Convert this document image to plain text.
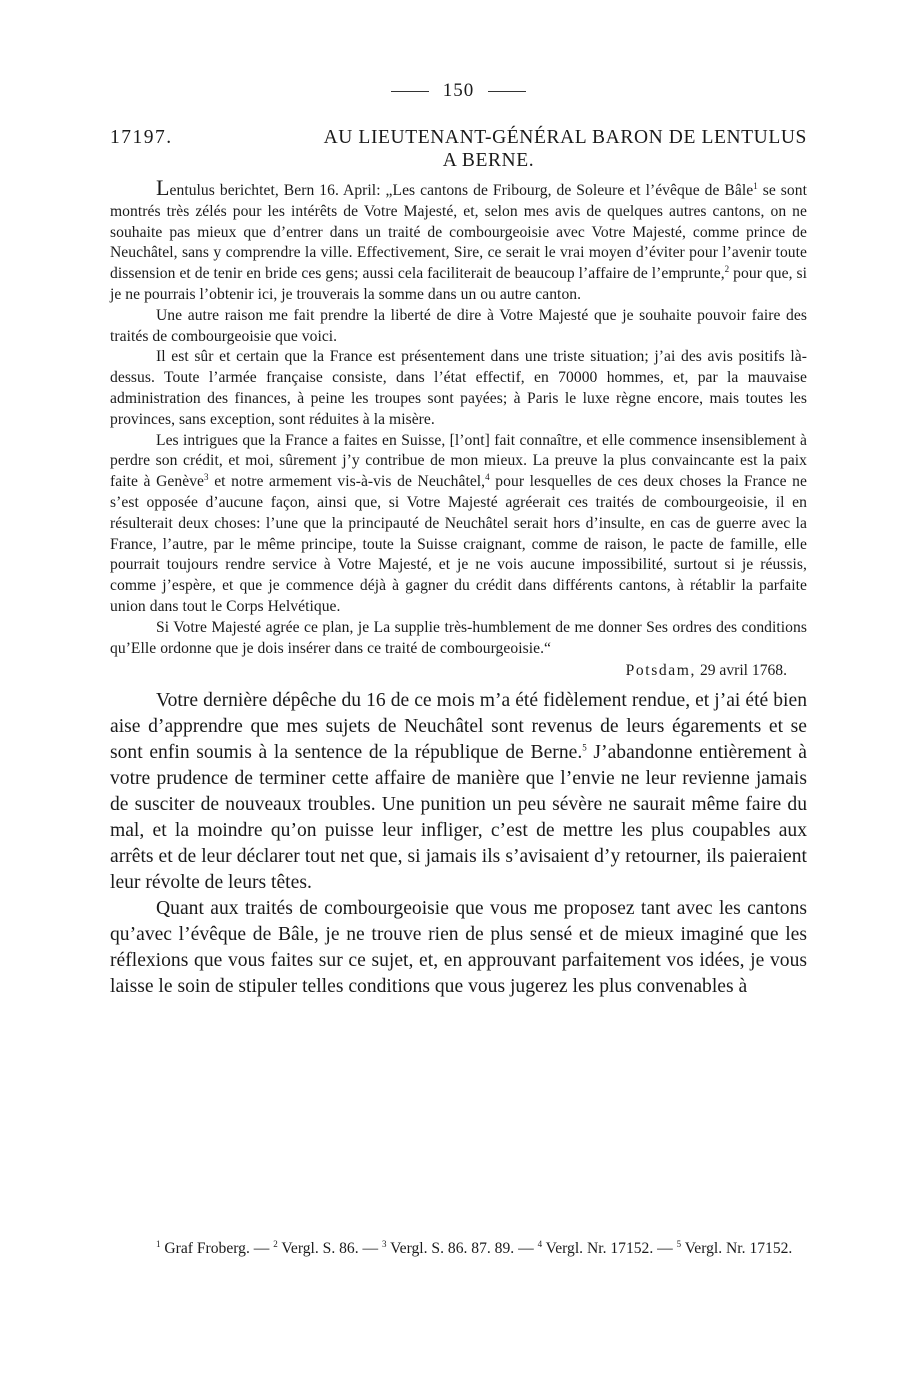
150
17197.	AU LIEUTENANT-GÉNÉRAL BARON DE LENTULUS
A BERNE.

Lentulus berichtet, Bern 16. April: „Les cantons de Fribourg, de Soleure et l’évêque de Bâle$^1$ se sont montrés très zélés pour les intérêts de Votre Majesté, et, selon mes avis de quelques autres cantons, on ne souhaite pas mieux que d’entrer dans un traité de combourgeoisie avec Votre Majesté, comme prince de Neuchâtel, sans y comprendre la ville. Effectivement, Sire, ce serait le vrai moyen d’éviter pour l’avenir toute dissension et de tenir en bride ces gens; aussi cela faciliterait de beaucoup l’affaire de l’emprunte,$^2$ pour que, si je ne pourrais l’obtenir ici, je trouverais la somme dans un ou autre canton.

Une autre raison me fait prendre la liberté de dire à Votre Majesté que je souhaite pouvoir faire des traités de combourgeoisie que voici.

Il est sûr et certain que la France est présentement dans une triste situation; j’ai des avis positifs là-dessus. Toute l’armée française consiste, dans l’état effectif, en 70000 hommes, et, par la mauvaise administration des finances, à peine les troupes sont payées; à Paris le luxe règne encore, mais toutes les provinces, sans exception, sont réduites à la misère.

Les intrigues que la France a faites en Suisse, [l’ont] fait connaître, et elle commence insensiblement à perdre son crédit, et moi, sûrement j’y contribue de mon mieux. La preuve la plus convaincante est la paix faite à Genève$^3$ et notre armement vis-à-vis de Neuchâtel,$^4$ pour lesquelles de ces deux choses la France ne s’est opposée d’aucune façon, ainsi que, si Votre Majesté agréerait ces traités de combourgeoisie, il en résulterait deux choses: l’une que la principauté de Neuchâtel serait hors d’insulte, en cas de guerre avec la France, l’autre, par le même principe, toute la Suisse craignant, comme de raison, le pacte de famille, elle pourrait toujours rendre service à Votre Majesté, et je ne vois aucune impossibilité, surtout si je réussis, comme j’espère, et que je commence déjà à gagner du crédit dans différents cantons, à rétablir la parfaite union dans tout le Corps Helvétique.

Si Votre Majesté agrée ce plan, je La supplie très-humblement de me donner Ses ordres des conditions qu’Elle ordonne que je dois insérer dans ce traité de combourgeoisie.“

Potsdam, 29 avril 1768.

Votre dernière dépêche du 16 de ce mois m’a été fidèlement rendue, et j’ai été bien aise d’apprendre que mes sujets de Neuchâtel sont revenus de leurs égarements et se sont enfin soumis à la sentence de la république de Berne.$^5$ J’abandonne entièrement à votre prudence de terminer cette affaire de manière que l’envie ne leur revienne jamais de susciter de nouveaux troubles. Une punition un peu sévère ne saurait même faire du mal, et la moindre qu’on puisse leur infliger, c’est de mettre les plus coupables aux arrêts et de leur déclarer tout net que, si jamais ils s’avisaient d’y retourner, ils paieraient leur révolte de leurs têtes.

Quant aux traités de combourgeoisie que vous me proposez tant avec les cantons qu’avec l’évêque de Bâle, je ne trouve rien de plus sensé et de mieux imaginé que les réflexions que vous faites sur ce sujet, et, en approuvant parfaitement vos idées, je vous laisse le soin de stipuler telles conditions que vous jugerez les plus convenables à

$^1$ Graf Froberg. — $^2$ Vergl. S. 86. — $^3$ Vergl. S. 86. 87. 89. — $^4$ Vergl. Nr. 17152. — $^5$ Vergl. Nr. 17152.
